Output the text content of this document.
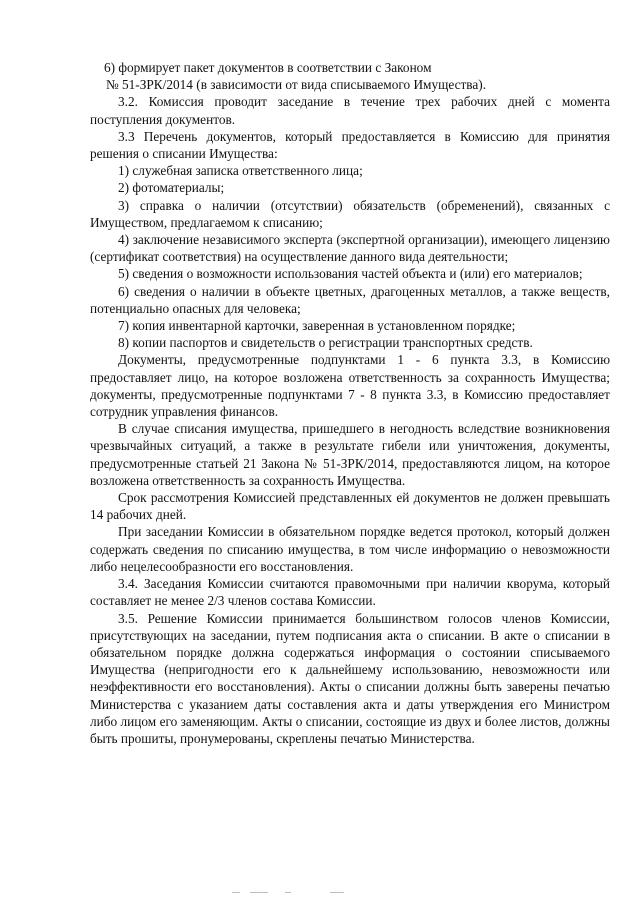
6) формирует пакет документов в соответствии с Законом

№ 51-ЗРК/2014 (в зависимости от вида списываемого Имущества).

3.2. Комиссия проводит заседание в течение трех рабочих дней с момента поступления документов.

3.3 Перечень документов, который предоставляется в Комиссию для принятия решения о списании Имущества:

1) служебная записка ответственного лица;

2) фотоматериалы;

3) справка о наличии (отсутствии) обязательств (обременений), связанных с Имуществом, предлагаемом к списанию;

4) заключение независимого эксперта (экспертной организации), имеющего лицензию (сертификат соответствия) на осуществление данного вида деятельности;

5) сведения о возможности использования частей объекта и (или) его материалов;

6) сведения о наличии в объекте цветных, драгоценных металлов, а также веществ, потенциально опасных для человека;

7) копия инвентарной карточки, заверенная в установленном порядке;

8) копии паспортов и свидетельств о регистрации транспортных средств.

Документы, предусмотренные подпунктами 1 - 6 пункта 3.3, в Комиссию предоставляет лицо, на которое возложена ответственность за сохранность Имущества; документы, предусмотренные подпунктами 7 - 8 пункта 3.3, в Комиссию предоставляет сотрудник управления финансов.

В случае списания имущества, пришедшего в негодность вследствие возникновения чрезвычайных ситуаций, а также в результате гибели или уничтожения, документы, предусмотренные статьей 21 Закона № 51-ЗРК/2014, предоставляются лицом, на которое возложена ответственность за сохранность Имущества.

Срок рассмотрения Комиссией представленных ей документов не должен превышать 14 рабочих дней.

При заседании Комиссии в обязательном порядке ведется протокол, который должен содержать сведения по списанию имущества, в том числе информацию о невозможности либо нецелесообразности его восстановления.

3.4. Заседания Комиссии считаются правомочными при наличии кворума, который составляет не менее 2/3 членов состава Комиссии.

3.5. Решение Комиссии принимается большинством голосов членов Комиссии, присутствующих на заседании, путем подписания акта о списании. В акте о списании в обязательном порядке должна содержаться информация о состоянии списываемого Имущества (непригодности его к дальнейшему использованию, невозможности или неэффективности его восстановления). Акты о списании должны быть заверены печатью Министерства с указанием даты составления акта и даты утверждения его Министром либо лицом его заменяющим. Акты о списании, состоящие из двух и более листов, должны быть прошиты, пронумерованы, скреплены печатью Министерства.
